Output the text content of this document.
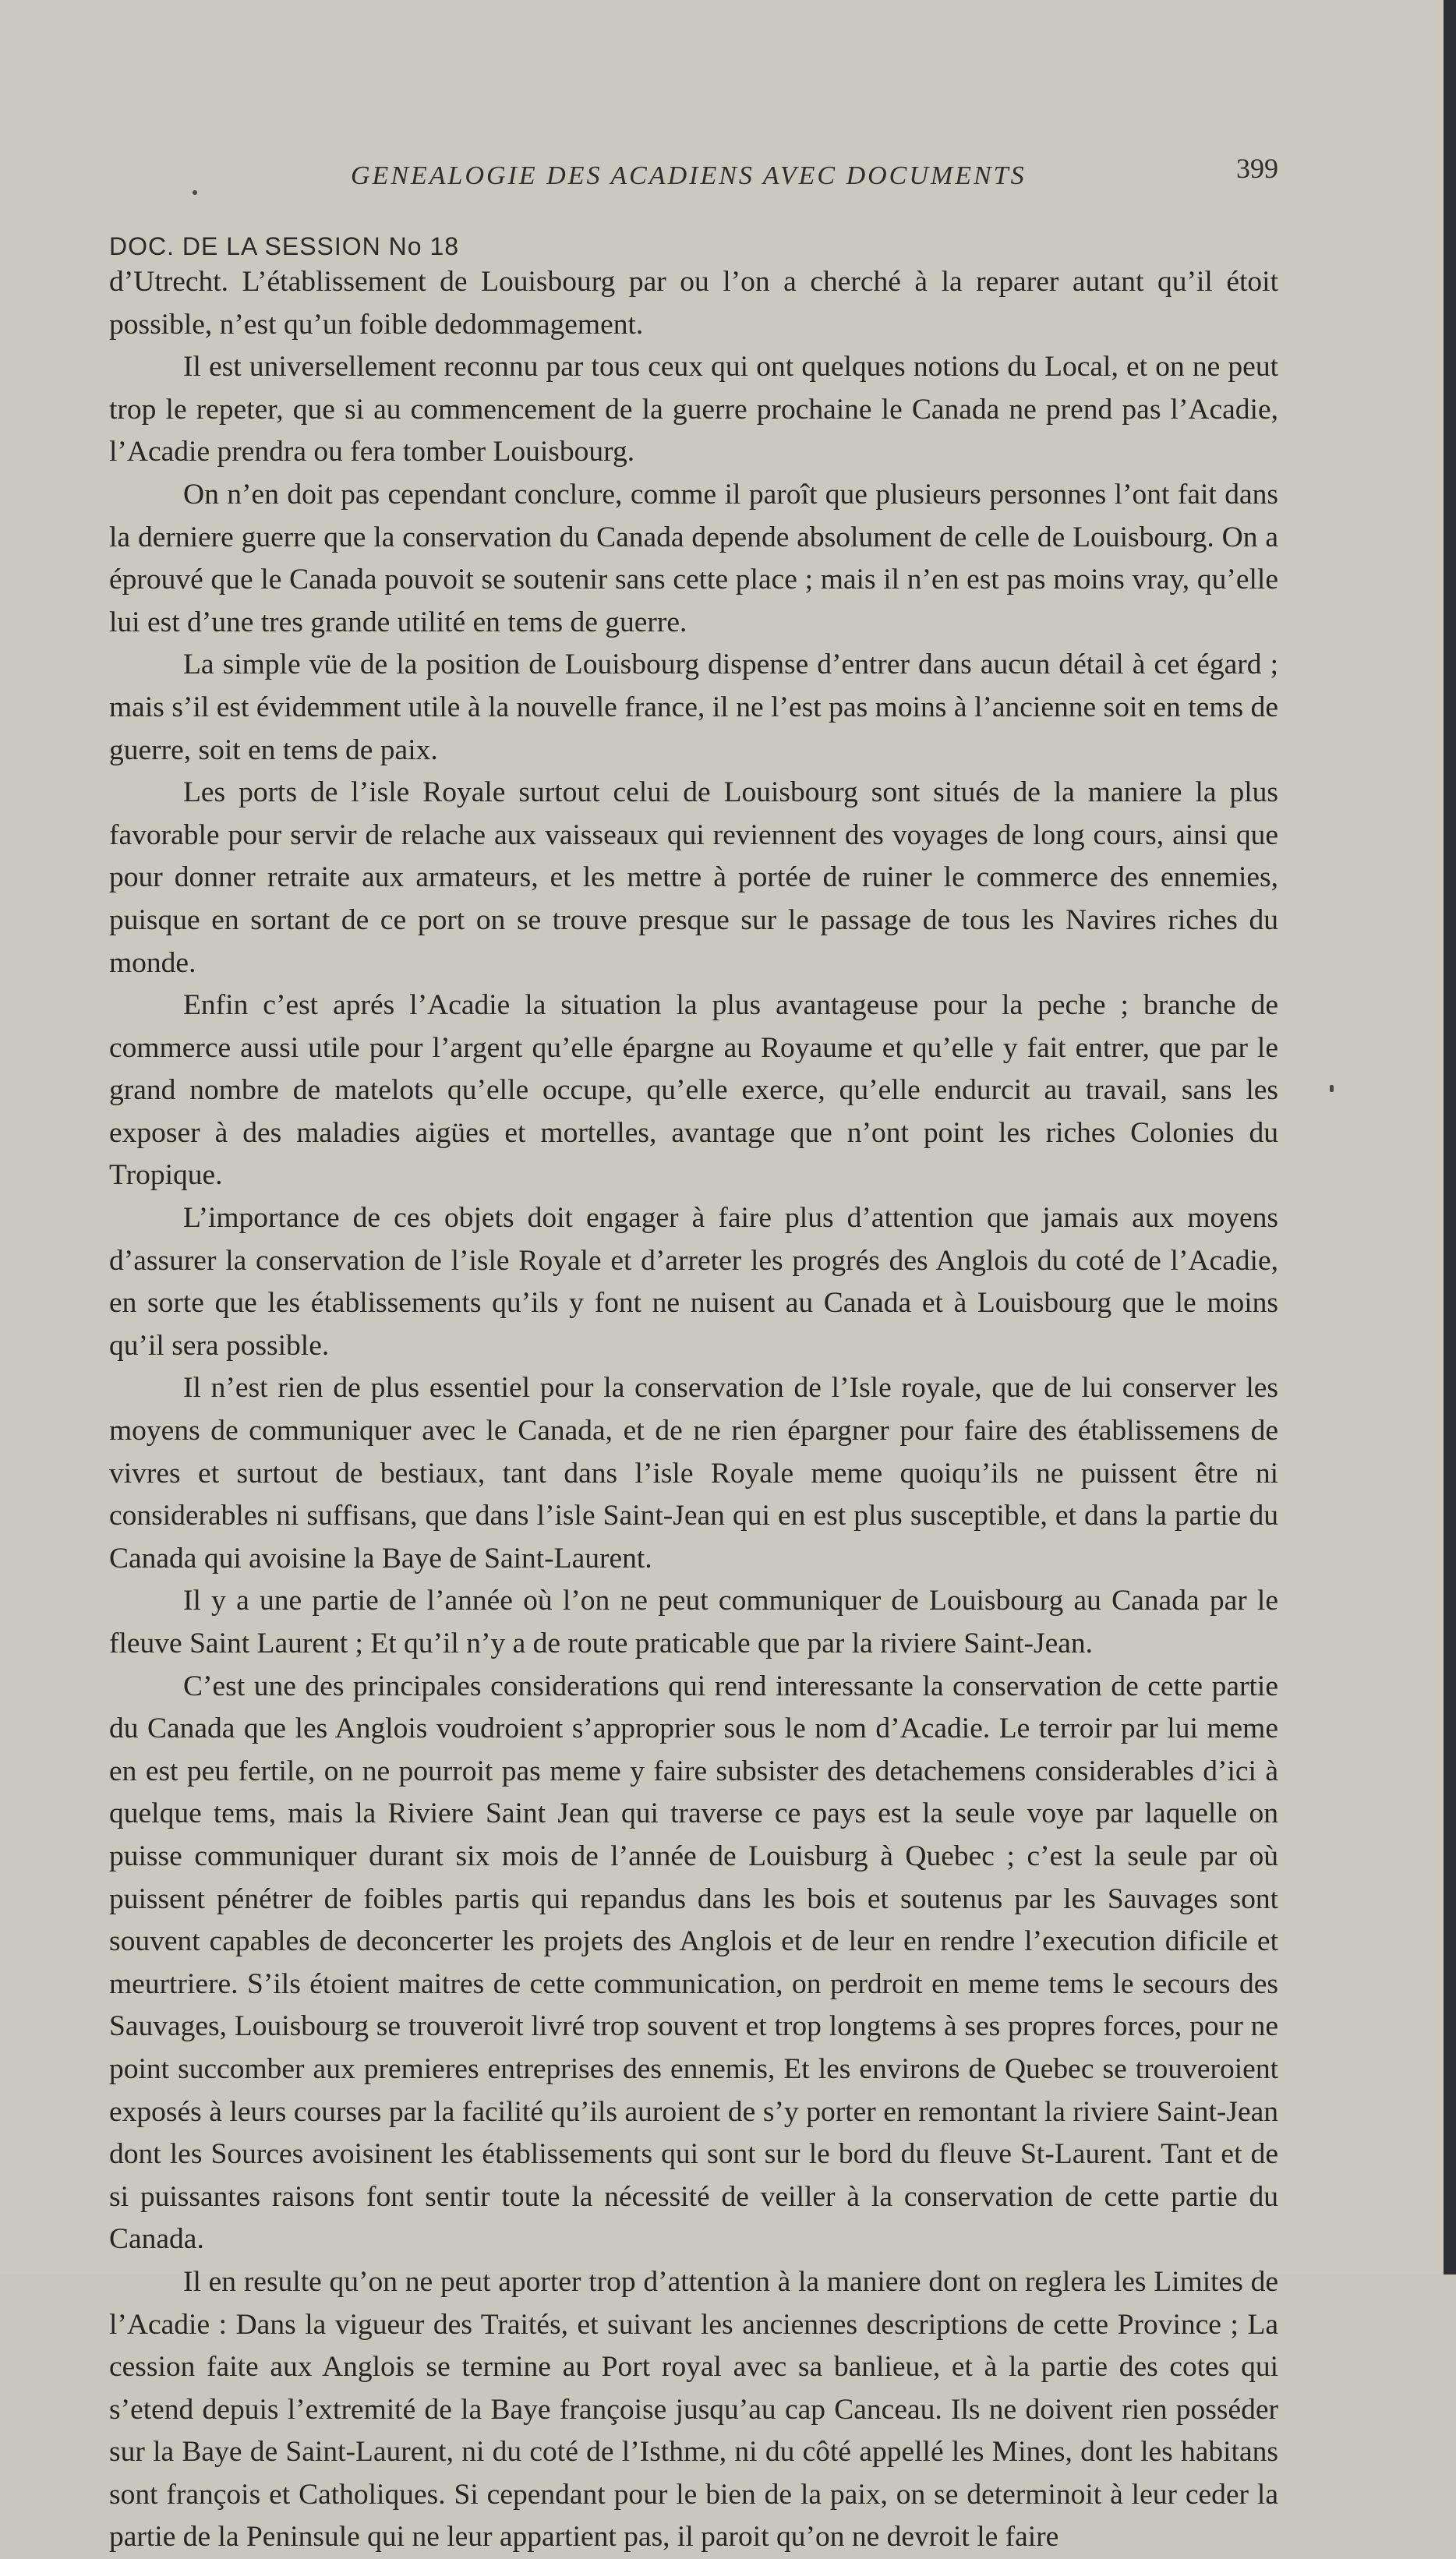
GENEALOGIE DES ACADIENS AVEC DOCUMENTS	399
DOC. DE LA SESSION No 18

d’Utrecht. L’établissement de Louisbourg par ou l’on a cherché à la reparer autant qu’il étoit possible, n’est qu’un foible dedommagement.

Il est universellement reconnu par tous ceux qui ont quelques notions du Local, et on ne peut trop le repeter, que si au commencement de la guerre prochaine le Canada ne prend pas l’Acadie, l’Acadie prendra ou fera tomber Louisbourg.

On n’en doit pas cependant conclure, comme il paroît que plusieurs personnes l’ont fait dans la derniere guerre que la conservation du Canada depende absolument de celle de Louisbourg. On a éprouvé que le Canada pouvoit se soutenir sans cette place ; mais il n’en est pas moins vray, qu’elle lui est d’une tres grande utilité en tems de guerre.

La simple vüe de la position de Louisbourg dispense d’entrer dans aucun détail à cet égard ; mais s’il est évidemment utile à la nouvelle france, il ne l’est pas moins à l’ancienne soit en tems de guerre, soit en tems de paix.

Les ports de l’isle Royale surtout celui de Louisbourg sont situés de la maniere la plus favorable pour servir de relache aux vaisseaux qui reviennent des voyages de long cours, ainsi que pour donner retraite aux armateurs, et les mettre à portée de ruiner le commerce des ennemies, puisque en sortant de ce port on se trouve presque sur le passage de tous les Navires riches du monde.

Enfin c’est aprés l’Acadie la situation la plus avantageuse pour la peche ; branche de commerce aussi utile pour l’argent qu’elle épargne au Royaume et qu’elle y fait entrer, que par le grand nombre de matelots qu’elle occupe, qu’elle exerce, qu’elle endurcit au travail, sans les exposer à des maladies aigües et mortelles, avantage que n’ont point les riches Colonies du Tropique.

L’importance de ces objets doit engager à faire plus d’attention que jamais aux moyens d’assurer la conservation de l’isle Royale et d’arreter les progrés des Anglois du coté de l’Acadie, en sorte que les établissements qu’ils y font ne nuisent au Canada et à Louisbourg que le moins qu’il sera possible.

Il n’est rien de plus essentiel pour la conservation de l’Isle royale, que de lui conserver les moyens de communiquer avec le Canada, et de ne rien épargner pour faire des établissemens de vivres et surtout de bestiaux, tant dans l’isle Royale meme quoiqu’ils ne puissent être ni considerables ni suffisans, que dans l’isle Saint-Jean qui en est plus susceptible, et dans la partie du Canada qui avoisine la Baye de Saint-Laurent.

Il y a une partie de l’année où l’on ne peut communiquer de Louisbourg au Canada par le fleuve Saint Laurent ; Et qu’il n’y a de route praticable que par la riviere Saint-Jean.

C’est une des principales considerations qui rend interessante la conservation de cette partie du Canada que les Anglois voudroient s’approprier sous le nom d’Acadie. Le terroir par lui meme en est peu fertile, on ne pourroit pas meme y faire subsister des detachemens considerables d’ici à quelque tems, mais la Riviere Saint Jean qui traverse ce pays est la seule voye par laquelle on puisse communiquer durant six mois de l’année de Louisburg à Quebec ; c’est la seule par où puissent pénétrer de foibles partis qui repandus dans les bois et soutenus par les Sauvages sont souvent capables de deconcerter les projets des Anglois et de leur en rendre l’execution dificile et meurtriere. S’ils étoient maitres de cette communication, on perdroit en meme tems le secours des Sauvages, Louisbourg se trouveroit livré trop souvent et trop longtems à ses propres forces, pour ne point succomber aux premieres entreprises des ennemis, Et les environs de Quebec se trouveroient exposés à leurs courses par la facilité qu’ils auroient de s’y porter en remontant la riviere Saint-Jean dont les Sources avoisinent les établissements qui sont sur le bord du fleuve St-Laurent. Tant et de si puissantes raisons font sentir toute la nécessité de veiller à la conservation de cette partie du Canada.

Il en resulte qu’on ne peut aporter trop d’attention à la maniere dont on reglera les Limites de l’Acadie : Dans la vigueur des Traités, et suivant les anciennes descriptions de cette Province ; La cession faite aux Anglois se termine au Port royal avec sa banlieue, et à la partie des cotes qui s’etend depuis l’extremité de la Baye françoise jusqu’au cap Canceau. Ils ne doivent rien posséder sur la Baye de Saint-Laurent, ni du coté de l’Isthme, ni du côté appellé les Mines, dont les habitans sont françois et Catholiques. Si cependant pour le bien de la paix, on se determinoit à leur ceder la partie de la Peninsule qui ne leur appartient pas, il paroit qu’on ne devroit le faire
